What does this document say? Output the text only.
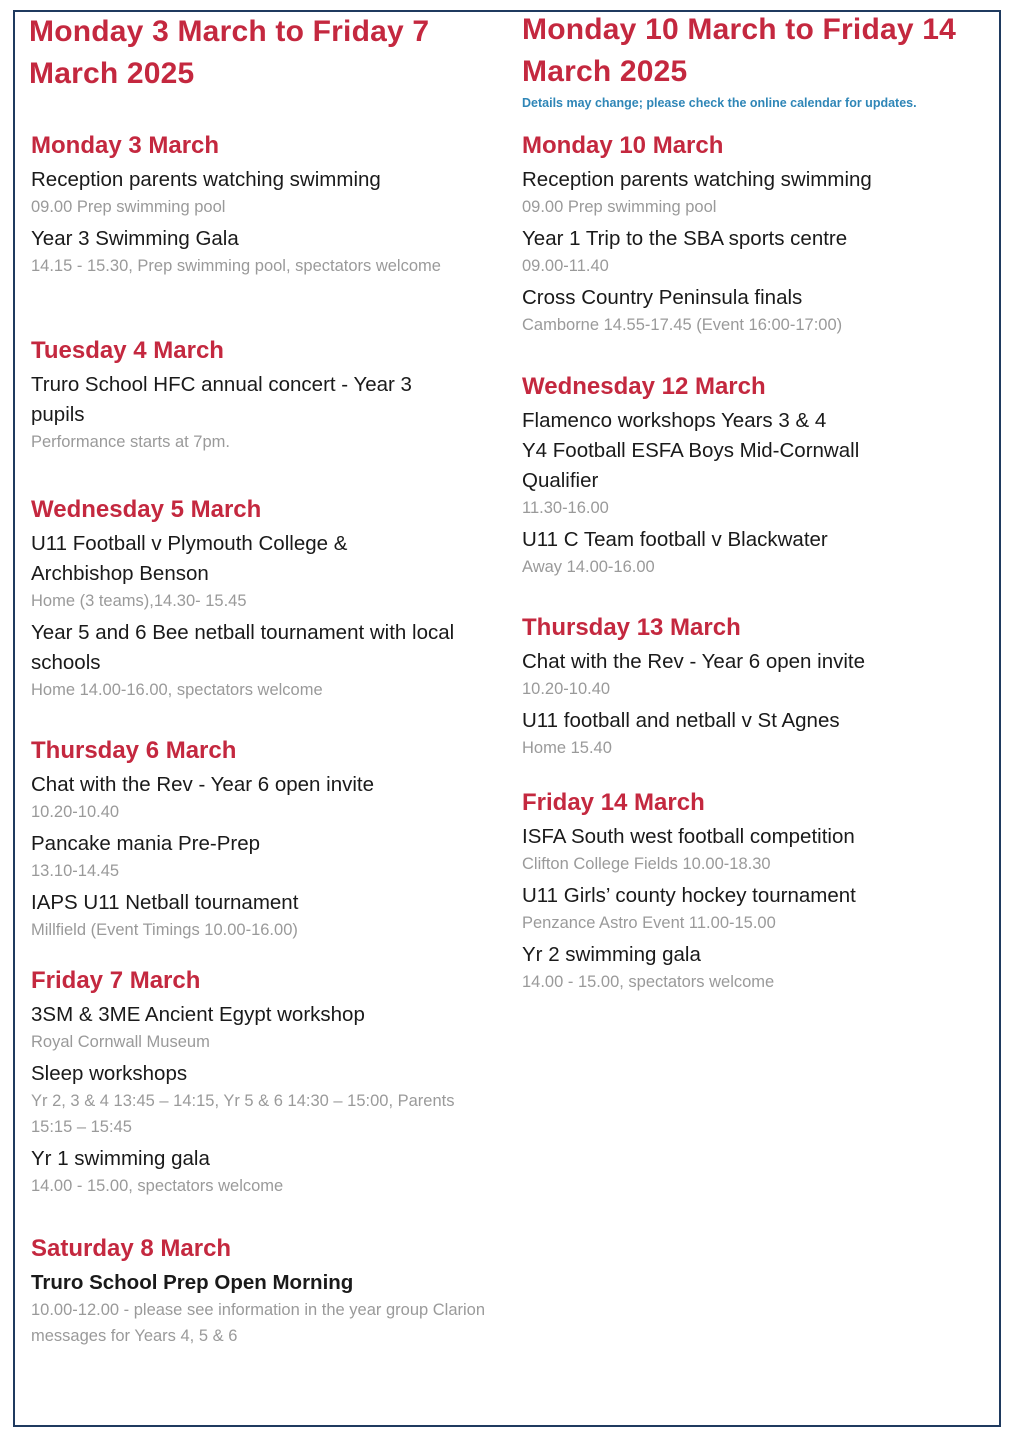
Monday 3 March to Friday 7 March 2025
Monday 3 March

Reception parents watching swimming

09.00 Prep swimming pool

Year 3 Swimming Gala

14.15 - 15.30, Prep swimming pool, spectators welcome

Tuesday 4 March

Truro School HFC annual concert - Year 3 pupils

Performance starts at 7pm.

Wednesday 5 March

U11 Football v Plymouth College & Archbishop Benson

Home (3 teams),14.30- 15.45

Year 5 and 6 Bee netball tournament with local schools

Home 14.00-16.00, spectators welcome

Thursday 6 March

Chat with the Rev - Year 6 open invite

10.20-10.40

Pancake mania Pre-Prep

13.10-14.45

IAPS U11 Netball tournament

Millfield (Event Timings 10.00-16.00)

Friday 7 March

3SM & 3ME Ancient Egypt workshop

Royal Cornwall Museum

Sleep workshops

Yr 2, 3 & 4 13:45 – 14:15, Yr 5 & 6 14:30 – 15:00, Parents 15:15 – 15:45

Yr 1 swimming gala

14.00 - 15.00, spectators welcome

Saturday 8 March

Truro School Prep Open Morning

10.00-12.00 - please see information in the year group Clarion messages for Years 4, 5 & 6

Monday 10 March to Friday 14 March 2025

Details may change; please check the online calendar for updates.

Monday 10 March

Reception parents watching swimming

09.00 Prep swimming pool

Year 1 Trip to the SBA sports centre

09.00-11.40

Cross Country Peninsula finals

Camborne 14.55-17.45 (Event 16:00-17:00)

Wednesday 12 March

Flamenco workshops Years 3 & 4

Y4 Football ESFA Boys Mid-Cornwall Qualifier

11.30-16.00

U11 C Team football v Blackwater

Away 14.00-16.00

Thursday 13 March

Chat with the Rev - Year 6 open invite

10.20-10.40

U11 football and netball v St Agnes

Home 15.40

Friday 14 March

ISFA South west football competition

Clifton College Fields 10.00-18.30

U11 Girls’ county hockey tournament

Penzance Astro Event 11.00-15.00

Yr 2 swimming gala

14.00 - 15.00, spectators welcome
